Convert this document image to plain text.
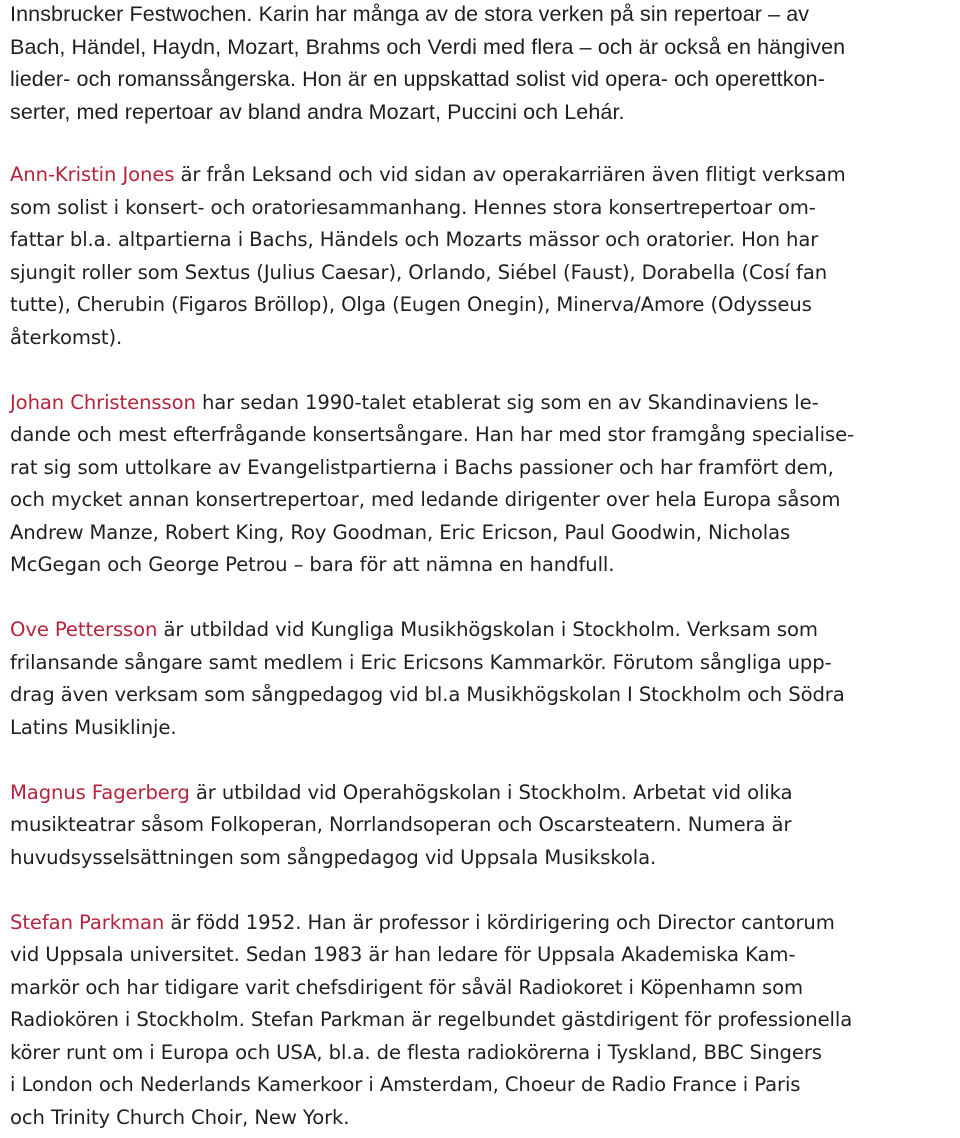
Innsbrucker Festwochen. Karin har många av de stora verken på sin repertoar – av
Bach, Händel, Haydn, Mozart, Brahms och Verdi med flera – och är också en hängiven
lieder- och romanssångerska. Hon är en uppskattad solist vid opera- och operettkon-
serter, med repertoar av bland andra Mozart, Puccini och Lehár.
Ann-Kristin Jones är från Leksand och vid sidan av operakarriären även flitigt verksam
som solist i konsert- och oratoriesammanhang. Hennes stora konsertrepertoar om-
fattar bl.a. altpartierna i Bachs, Händels och Mozarts mässor och oratorier. Hon har
sjungit roller som Sextus (Julius Caesar), Orlando, Siébel (Faust), Dorabella (Cosí fan
tutte), Cherubin (Figaros Bröllop), Olga (Eugen Onegin), Minerva/Amore (Odysseus
återkomst).
Johan Christensson har sedan 1990-talet etablerat sig som en av Skandinaviens le-
dande och mest efterfrågande konsertsångare. Han har med stor framgång specialise-
rat sig som uttolkare av Evangelistpartierna i Bachs passioner och har framfört dem,
och mycket annan konsertrepertoar, med ledande dirigenter over hela Europa såsom
Andrew Manze, Robert King, Roy Goodman, Eric Ericson, Paul Goodwin, Nicholas
McGegan och George Petrou – bara för att nämna en handfull.
Ove Pettersson är utbildad vid Kungliga Musikhögskolan i Stockholm. Verksam som
frilansande sångare samt medlem i Eric Ericsons Kammarkör. Förutom sångliga upp-
drag även verksam som sångpedagog vid bl.a Musikhögskolan I Stockholm och Södra
Latins Musiklinje.
Magnus Fagerberg är utbildad vid Operahögskolan i Stockholm. Arbetat vid olika
musikteatrar såsom Folkoperan, Norrlandsoperan och Oscarsteatern. Numera är
huvudsysselsättningen som sångpedagog vid Uppsala Musikskola.
Stefan Parkman är född 1952. Han är professor i kördirigering och Director cantorum
vid Uppsala universitet. Sedan 1983 är han ledare för Uppsala Akademiska Kam-
markör och har tidigare varit chefsdirigent för såväl Radiokoret i Köpenhamn som
Radiokören i Stockholm. Stefan Parkman är regelbundet gästdirigent för professionella
körer runt om i Europa och USA, bl.a. de flesta radiokörerna i Tyskland, BBC Singers
i London och Nederlands Kamerkoor i Amsterdam, Choeur de Radio France i Paris
och Trinity Church Choir, New York.
